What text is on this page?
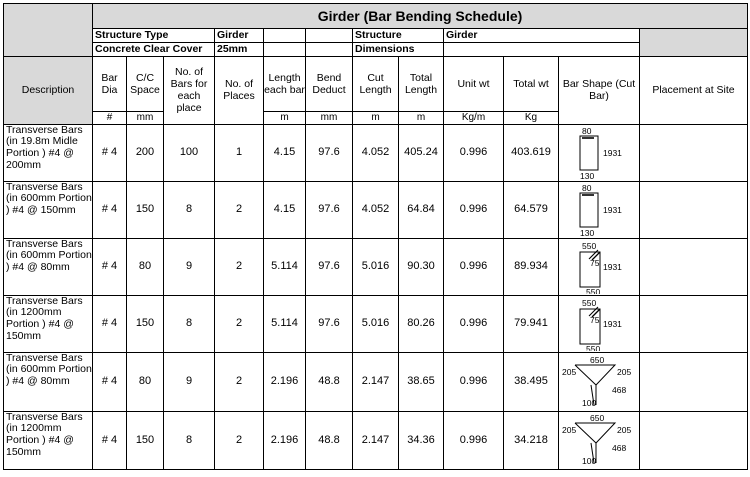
	Girder (Bar Bending Schedule)											
	Structure Type			Girder			Structure		Girder			
	Concrete Clear Cover			25mm			Dimensions					
Description	Bar Dia	C/C Space	No. of Bars for each place	No. of Places	Length each bar	Bend Deduct	Cut Length	Total Length	Unit wt	Total wt	Bar Shape (Cut Bar)	Placement at Site
	#	mm			m	mm	m	m	Kg/m	Kg		
Transverse Bars (in 19.8m Midle Portion ) #4 @ 200mm	# 4	200	100	1	4.15	97.6	4.052	405.24	0.996	403.619	80
1931
130	

Transverse Bars (in 600mm Portion ) #4 @ 150mm	# 4	150	8	2	4.15	97.6	4.052	64.84	0.996	64.579	80
1931
130	

Transverse Bars (in 600mm Portion ) #4 @ 80mm	# 4	80	9	2	5.114	97.6	5.016	90.30	0.996	89.934	550
75 1931
550	

Transverse Bars (in 1200mm Portion ) #4 @ 150mm	# 4	150	8	2	5.114	97.6	5.016	80.26	0.996	79.941	550
75 1931
550	

Transverse Bars (in 600mm Portion ) #4 @ 80mm	# 4	80	9	2	2.196	48.8	2.147	38.65	0.996	38.495	650
205 205
468
100	

Transverse Bars (in 1200mm Portion ) #4 @ 150mm	# 4	150	8	2	2.196	48.8	2.147	34.36	0.996	34.218	650
205 205
468
100	
